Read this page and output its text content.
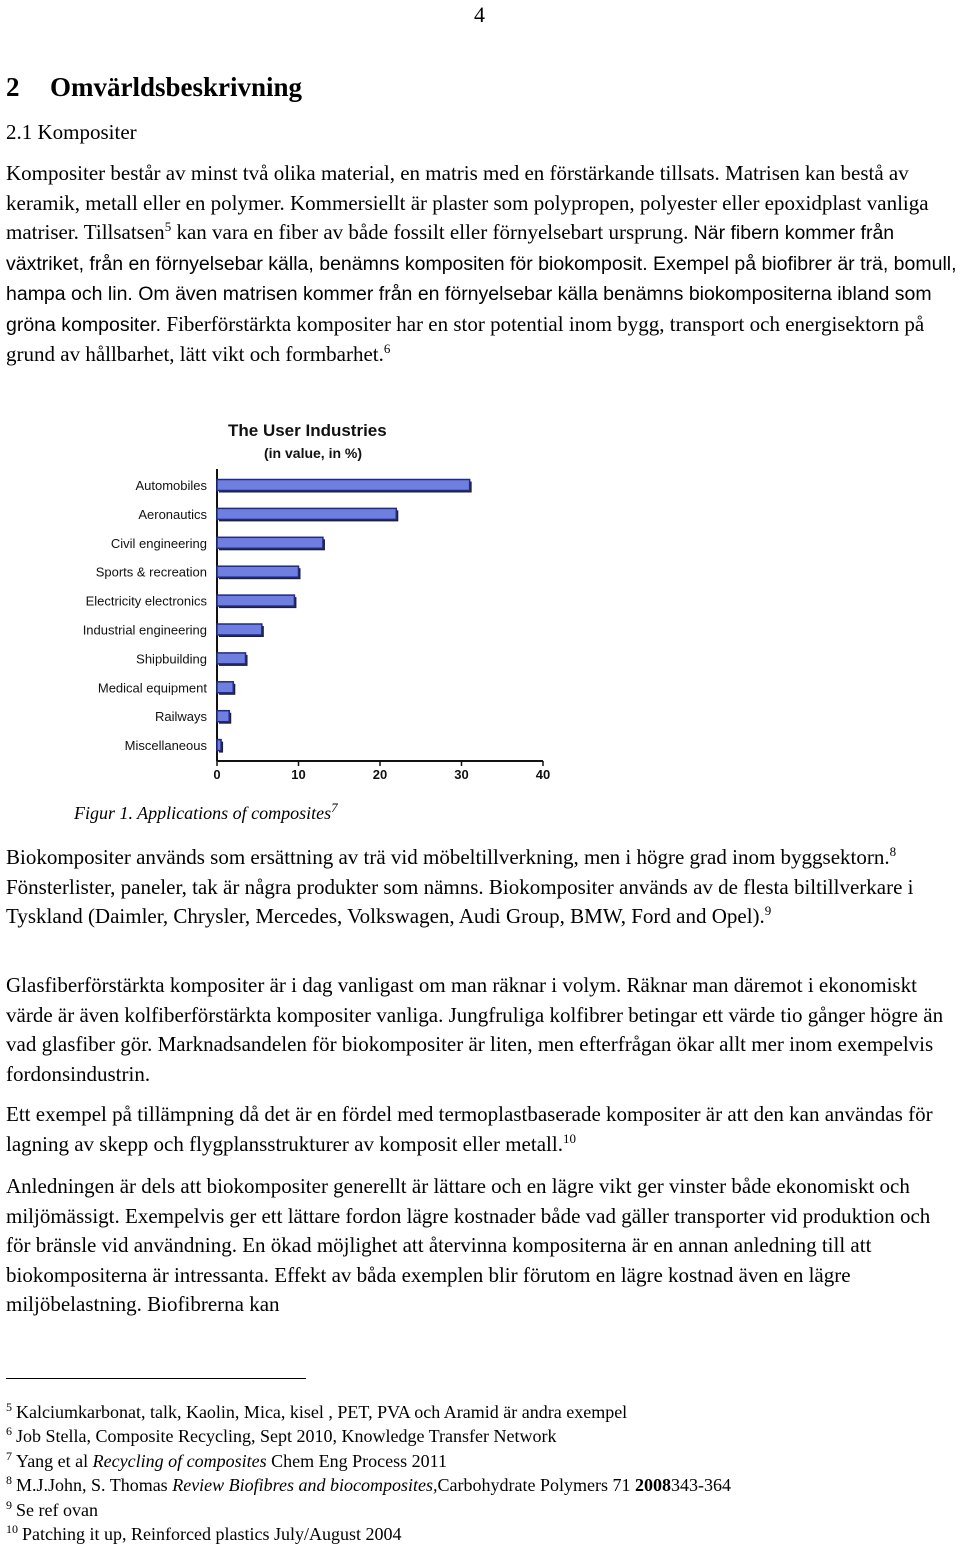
4
2 Omvärldsbeskrivning
2.1 Kompositer

Kompositer består av minst två olika material, en matris med en förstärkande tillsats. Matrisen kan bestå av keramik, metall eller en polymer. Kommersiellt är plaster som polypropen, polyester eller epoxidplast vanliga matriser. Tillsatsen$^5$ kan vara en fiber av både fossilt eller förnyelsebart ursprung. När fibern kommer från växtriket, från en förnyelsebar källa, benämns kompositen för biokomposit. Exempel på biofibrer är trä, bomull, hampa och lin. Om även matrisen kommer från en förnyelsebar källa benämns biokompositerna ibland som gröna kompositer. Fiberförstärkta kompositer har en stor potential inom bygg, transport och energisektorn på grund av hållbarhet, lätt vikt och formbarhet.$^6$

The User Industries
(in value, in %)
Automobiles
Aeronautics
Civil engineering
Sports & recreation
Electricity electronics
Industrial engineering
Shipbuilding
Medical equipment
Railways
Miscellaneous
0	10	20	30	40
Figur 1. Applications of composites$^7$

Biokompositer används som ersättning av trä vid möbeltillverkning, men i högre grad inom byggsektorn.$^8$ Fönsterlister, paneler, tak är några produkter som nämns. Biokompositer används av de flesta biltillverkare i Tyskland (Daimler, Chrysler, Mercedes, Volkswagen, Audi Group, BMW, Ford and Opel).$^9$

Glasfiberförstärkta kompositer är i dag vanligast om man räknar i volym. Räknar man däremot i ekonomiskt värde är även kolfiberförstärkta kompositer vanliga. Jungfruliga kolfibrer betingar ett värde tio gånger högre än vad glasfiber gör. Marknadsandelen för biokompositer är liten, men efterfrågan ökar allt mer inom exempelvis fordonsindustrin.

Ett exempel på tillämpning då det är en fördel med termoplastbaserade kompositer är att den kan användas för lagning av skepp och flygplansstrukturer av komposit eller metall.$^{10}$

Anledningen är dels att biokompositer generellt är lättare och en lägre vikt ger vinster både ekonomiskt och miljömässigt. Exempelvis ger ett lättare fordon lägre kostnader både vad gäller transporter vid produktion och för bränsle vid användning. En ökad möjlighet att återvinna kompositerna är en annan anledning till att biokompositerna är intressanta. Effekt av båda exemplen blir förutom en lägre kostnad även en lägre miljöbelastning. Biofibrerna kan

$^5$ Kalciumkarbonat, talk, Kaolin, Mica, kisel , PET, PVA och Aramid är andra exempel
$^6$ Job Stella, Composite Recycling, Sept 2010, Knowledge Transfer Network
$^7$ Yang et al Recycling of composites Chem Eng Process 2011
$^8$ M.J.John, S. Thomas Review Biofibres and biocomposites,Carbohydrate Polymers 71 2008343-364
$^9$ Se ref ovan
$^{10}$ Patching it up, Reinforced plastics July/August 2004
